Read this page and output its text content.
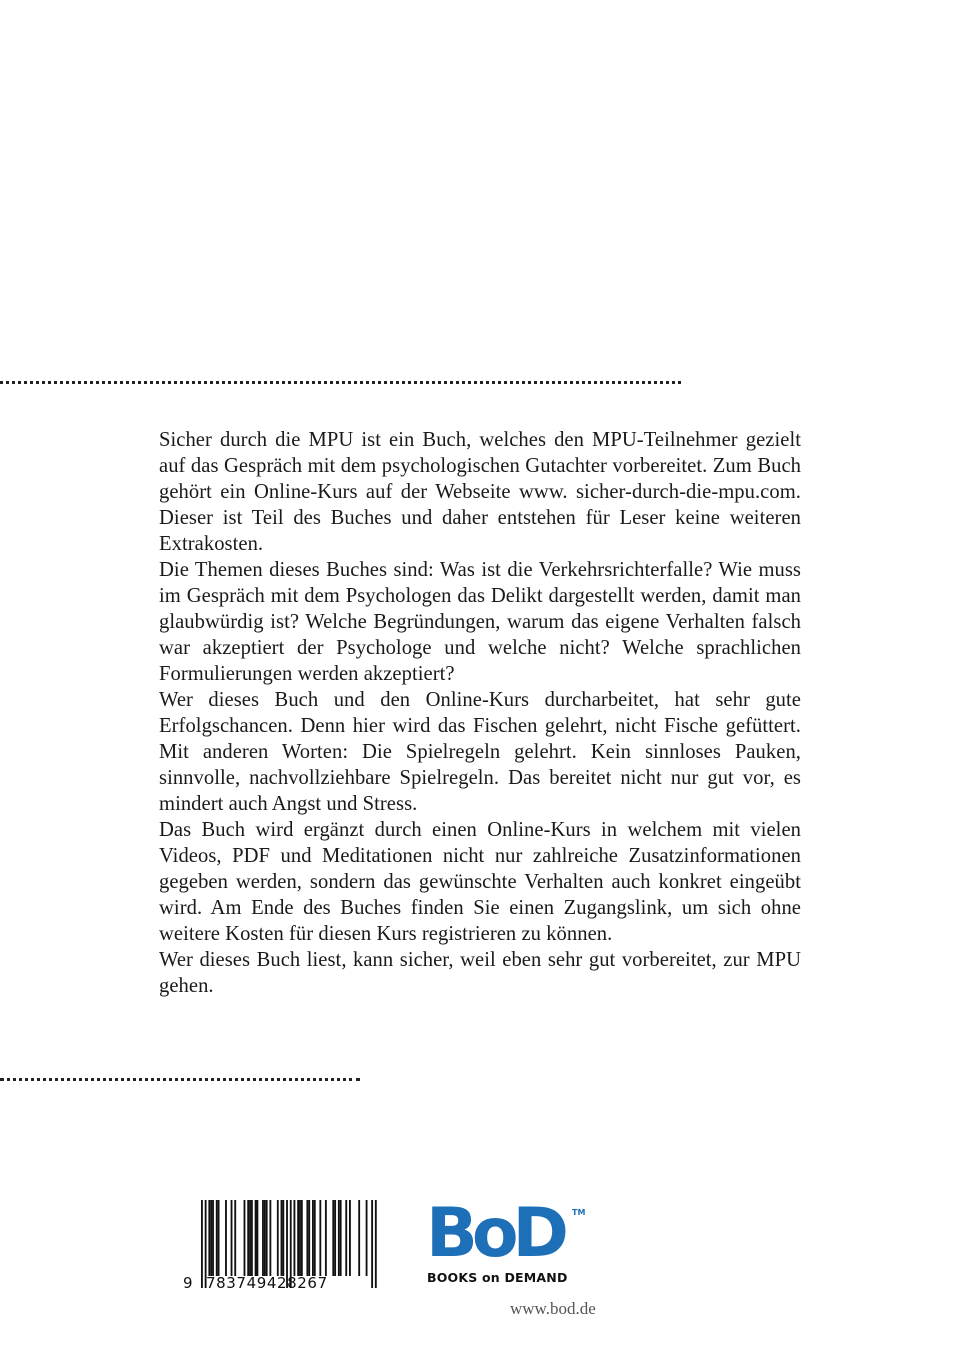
Sicher durch die MPU ist ein Buch, welches den MPU-Teilnehmer gezielt auf das Gespräch mit dem psychologischen Gutachter vorbereitet. Zum Buch gehört ein Online-Kurs auf der Webseite www. sicher-durch-die-mpu.com. Dieser ist Teil des Buches und daher entstehen für Leser keine weiteren Extrakosten.

Die Themen dieses Buches sind: Was ist die Verkehrsrichterfalle? Wie muss im Gespräch mit dem Psychologen das Delikt dargestellt werden, damit man glaubwürdig ist? Welche Begründungen, warum das eigene Verhalten falsch war akzeptiert der Psychologe und welche nicht? Welche sprachlichen Formulierungen werden akzeptiert?

Wer dieses Buch und den Online-Kurs durcharbeitet, hat sehr gute Erfolgschancen. Denn hier wird das Fischen gelehrt, nicht Fische gefüttert. Mit anderen Worten: Die Spielregeln gelehrt. Kein sinnloses Pauken, sinnvolle, nachvollziehbare Spielregeln. Das bereitet nicht nur gut vor, es mindert auch Angst und Stress.

Das Buch wird ergänzt durch einen Online-Kurs in welchem mit vielen Videos, PDF und Meditationen nicht nur zahlreiche Zusatzinformationen gegeben werden, sondern das gewünschte Verhalten auch konkret eingeübt wird. Am Ende des Buches finden Sie einen Zugangslink, um sich ohne weitere Kosten für diesen Kurs registrieren zu können.

Wer dieses Buch liest, kann sicher, weil eben sehr gut vorbereitet, zur MPU gehen.

9 783749428267
BoD TM
BOOKS on DEMAND
www.bod.de
